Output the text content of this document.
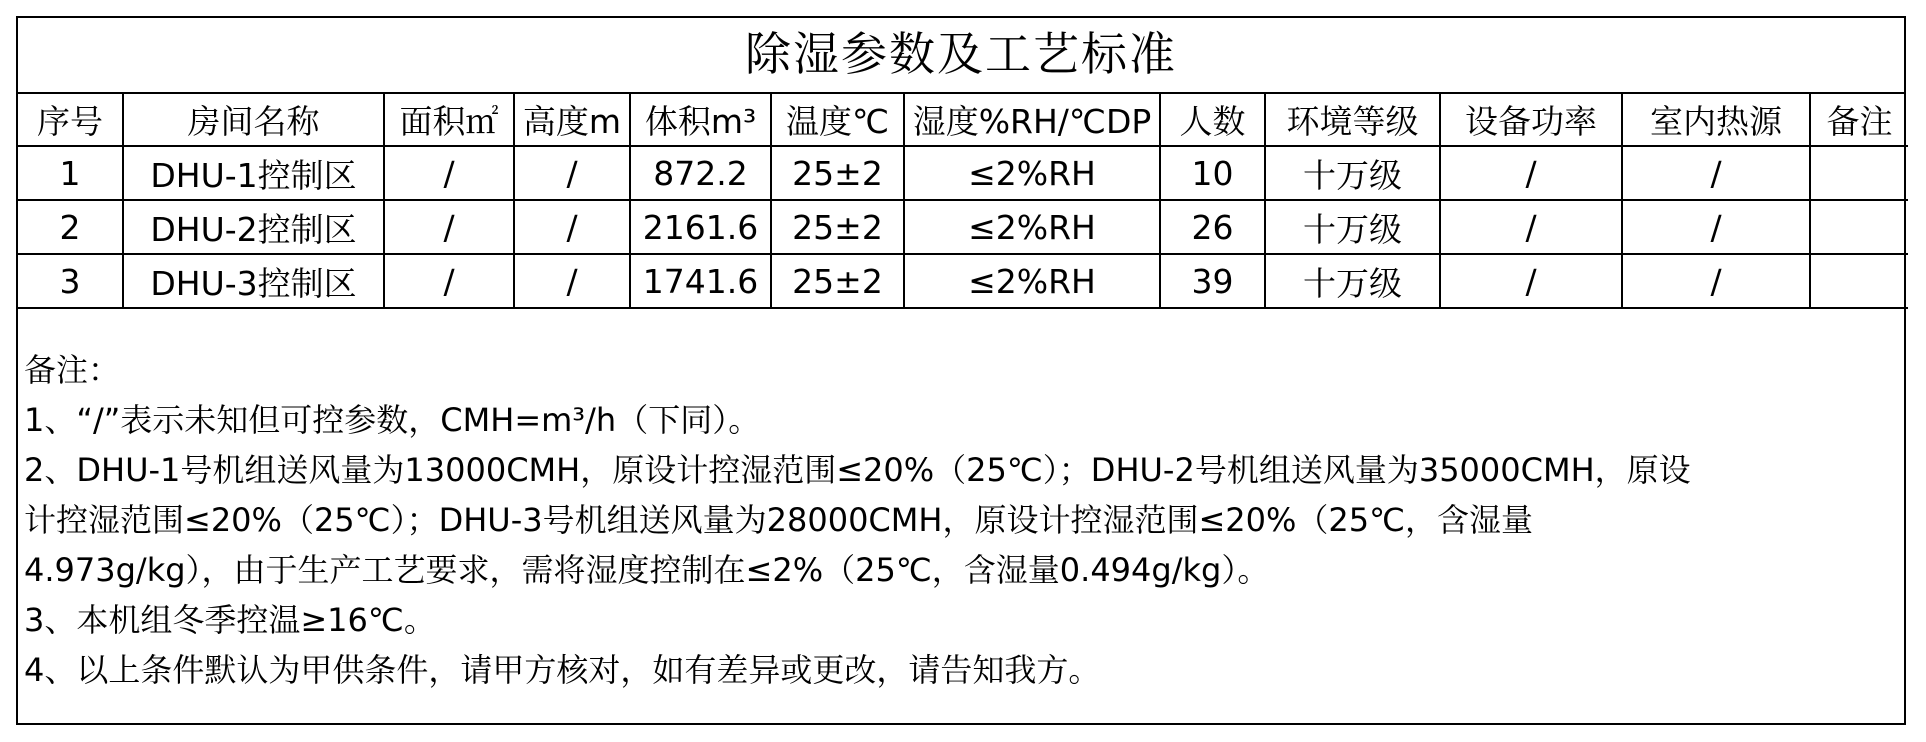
除湿参数及工艺标准
序号	房间名称	面积㎡	高度m	体积m³	温度℃	湿度%RH/℃DP	人数	环境等级	设备功率	室内热源	备注
1	DHU-1控制区	/	/	872.2	25±2	≤2%RH	10	十万级	/	/	
2	DHU-2控制区	/	/	2161.6	25±2	≤2%RH	26	十万级	/	/	
3	DHU-3控制区	/	/	1741.6	25±2	≤2%RH	39	十万级	/	/	
备注：
1、“/”表示未知但可控参数，CMH=m³/h（下同）。
2、DHU-1号机组送风量为13000CMH，原设计控湿范围≤20%（25℃）；DHU-2号机组送风量为35000CMH，原设
计控湿范围≤20%（25℃）；DHU-3号机组送风量为28000CMH，原设计控湿范围≤20%（25℃，含湿量
4.973g/kg），由于生产工艺要求，需将湿度控制在≤2%（25℃，含湿量0.494g/kg）。
3、本机组冬季控温≥16℃。
4、以上条件默认为甲供条件，请甲方核对，如有差异或更改，请告知我方。
